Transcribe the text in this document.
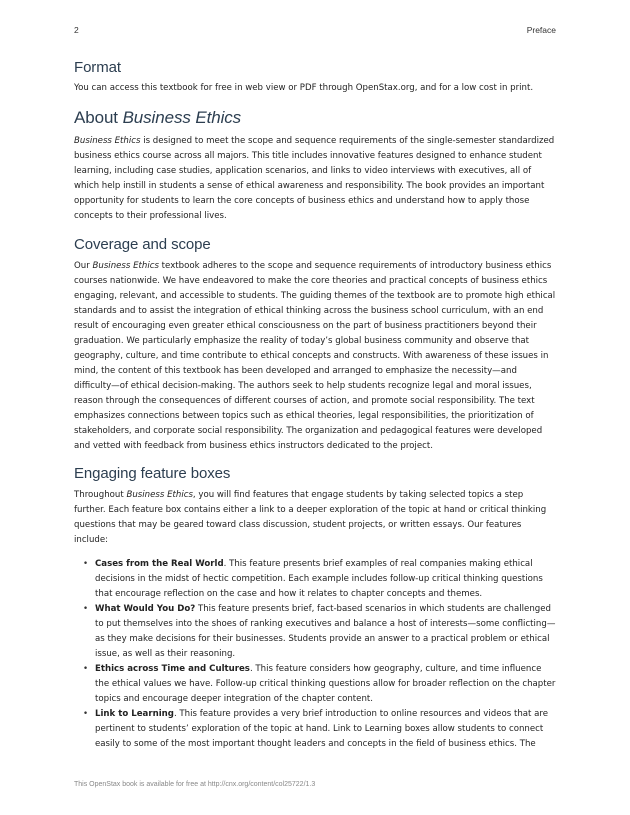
2	Preface
Format

You can access this textbook for free in web view or PDF through OpenStax.org, and for a low cost in print.

About Business Ethics

Business Ethics is designed to meet the scope and sequence requirements of the single-semester standardized business ethics course across all majors. This title includes innovative features designed to enhance student learning, including case studies, application scenarios, and links to video interviews with executives, all of which help instill in students a sense of ethical awareness and responsibility. The book provides an important opportunity for students to learn the core concepts of business ethics and understand how to apply those concepts to their professional lives.

Coverage and scope

Our Business Ethics textbook adheres to the scope and sequence requirements of introductory business ethics courses nationwide. We have endeavored to make the core theories and practical concepts of business ethics engaging, relevant, and accessible to students. The guiding themes of the textbook are to promote high ethical standards and to assist the integration of ethical thinking across the business school curriculum, with an end result of encouraging even greater ethical consciousness on the part of business practitioners beyond their graduation. We particularly emphasize the reality of today’s global business community and observe that geography, culture, and time contribute to ethical concepts and constructs. With awareness of these issues in mind, the content of this textbook has been developed and arranged to emphasize the necessity—and difficulty—of ethical decision-making. The authors seek to help students recognize legal and moral issues, reason through the consequences of different courses of action, and promote social responsibility. The text emphasizes connections between topics such as ethical theories, legal responsibilities, the prioritization of stakeholders, and corporate social responsibility. The organization and pedagogical features were developed and vetted with feedback from business ethics instructors dedicated to the project.

Engaging feature boxes

Throughout Business Ethics, you will find features that engage students by taking selected topics a step further. Each feature box contains either a link to a deeper exploration of the topic at hand or critical thinking questions that may be geared toward class discussion, student projects, or written essays. Our features include:

• Cases from the Real World. This feature presents brief examples of real companies making ethical decisions in the midst of hectic competition. Each example includes follow-up critical thinking questions that encourage reflection on the case and how it relates to chapter concepts and themes.
• What Would You Do? This feature presents brief, fact-based scenarios in which students are challenged to put themselves into the shoes of ranking executives and balance a host of interests—some conflicting—as they make decisions for their businesses. Students provide an answer to a practical problem or ethical issue, as well as their reasoning.
• Ethics across Time and Cultures. This feature considers how geography, culture, and time influence the ethical values we have. Follow-up critical thinking questions allow for broader reflection on the chapter topics and encourage deeper integration of the chapter content.
• Link to Learning. This feature provides a very brief introduction to online resources and videos that are pertinent to students’ exploration of the topic at hand. Link to Learning boxes allow students to connect easily to some of the most important thought leaders and concepts in the field of business ethics. The
This OpenStax book is available for free at http://cnx.org/content/col25722/1.3
